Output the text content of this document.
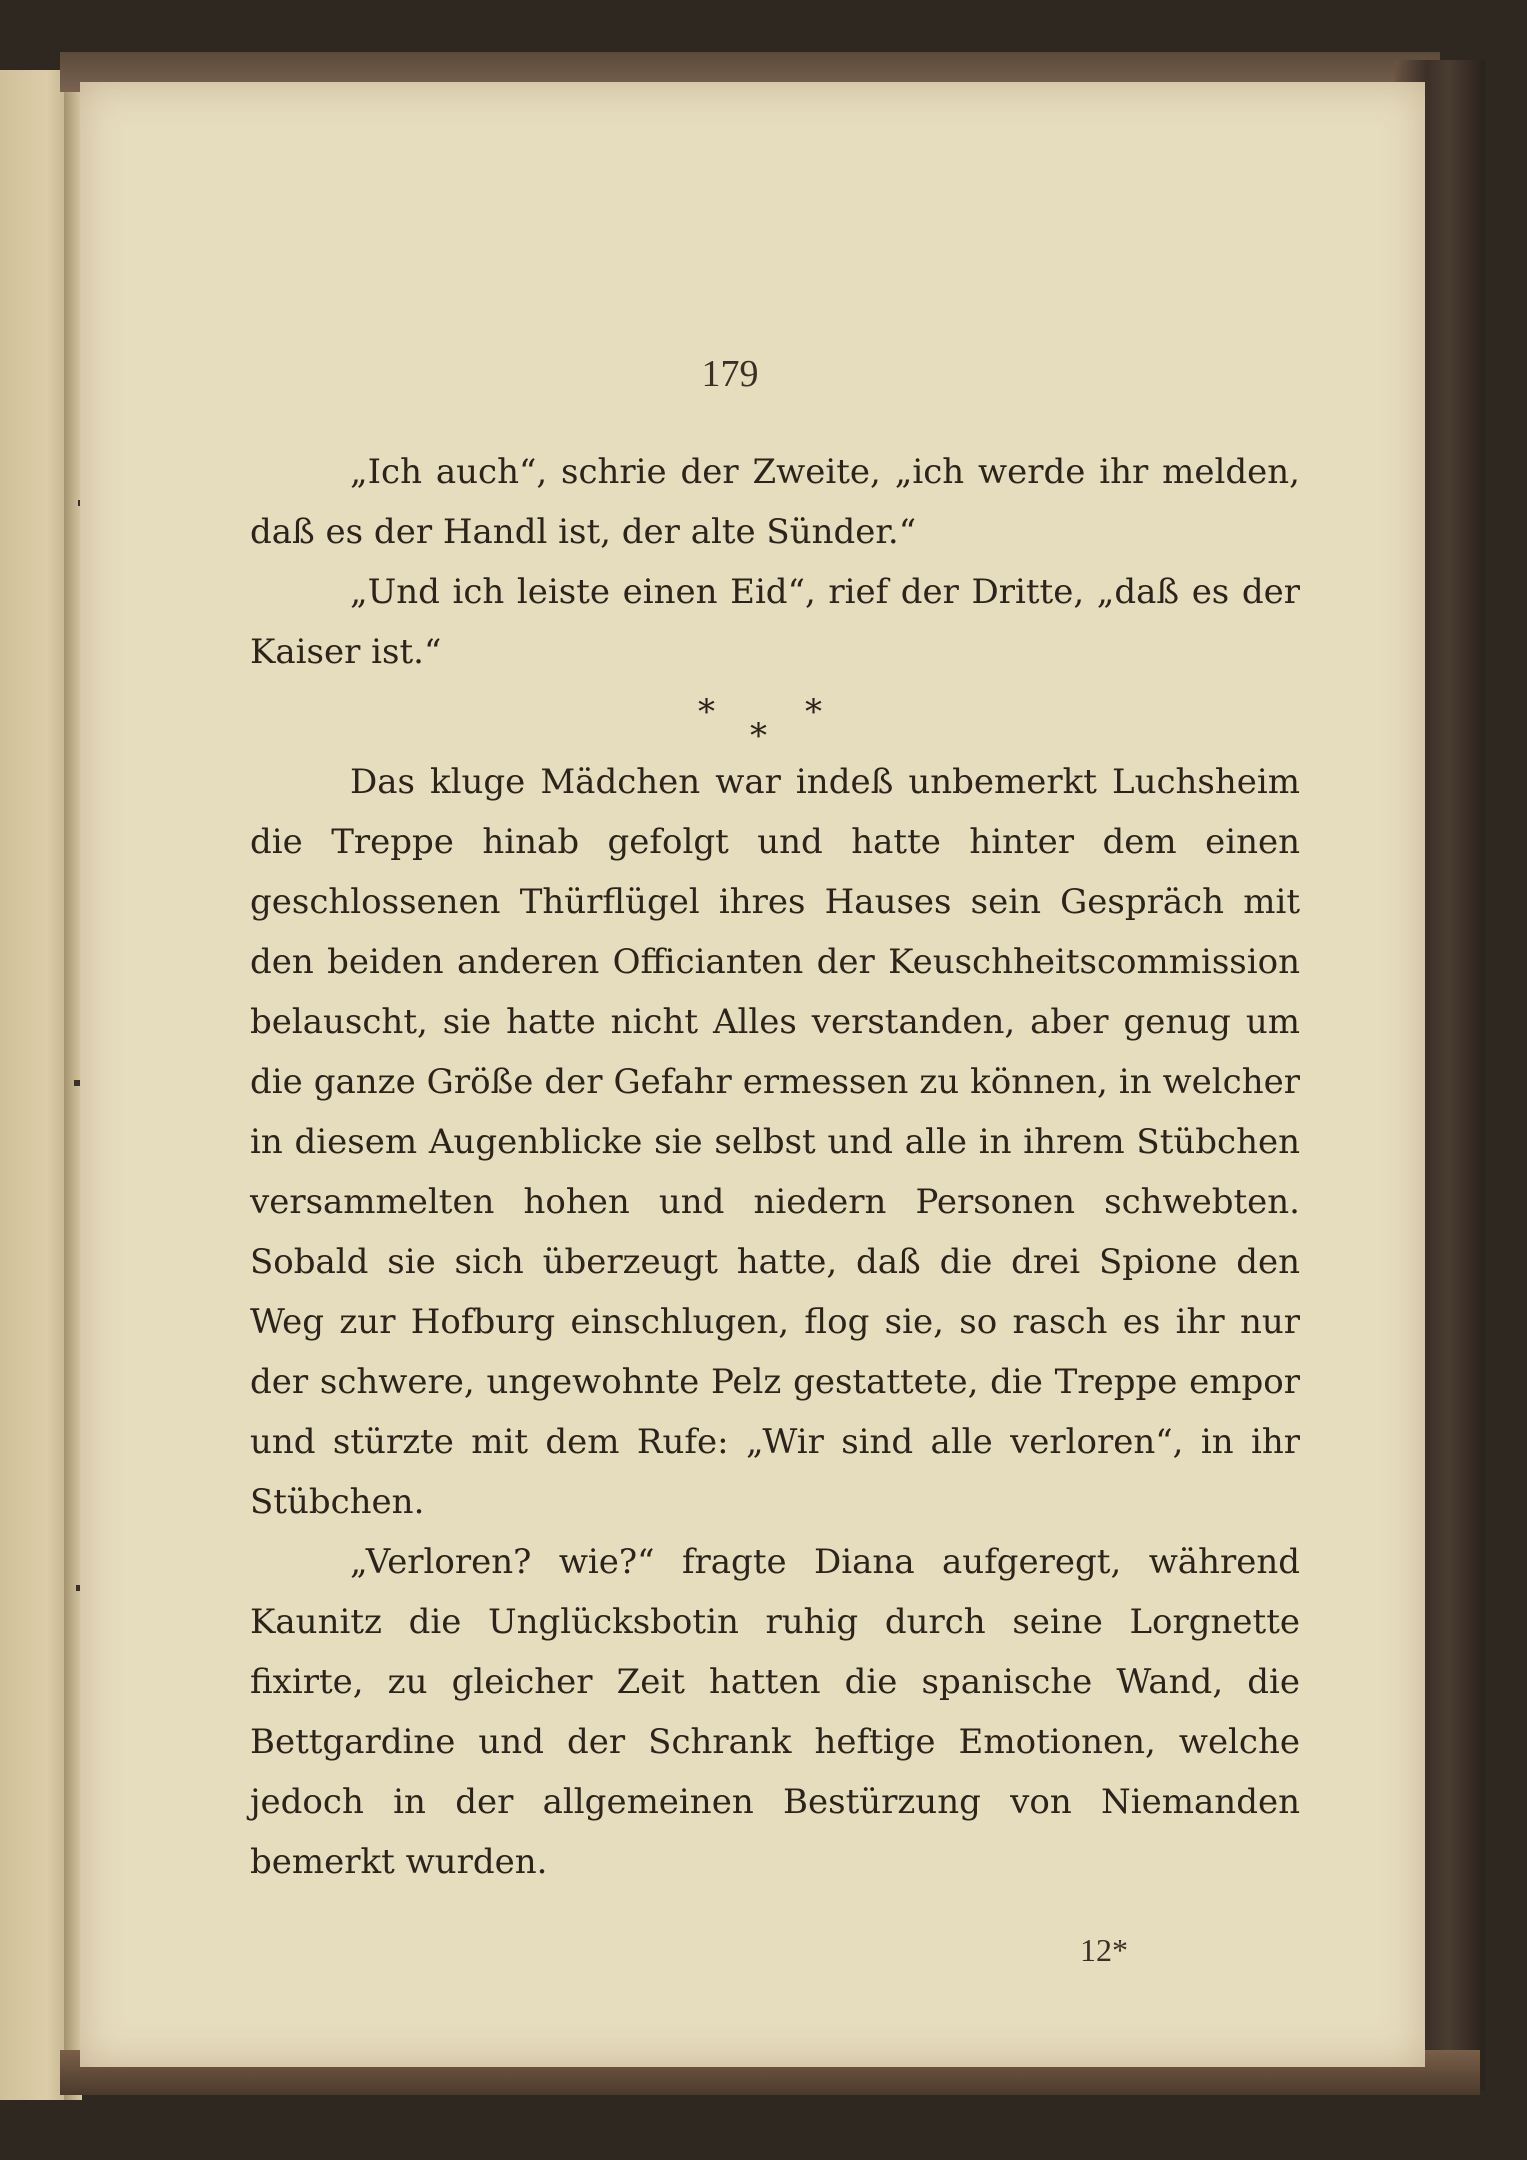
179

„Ich auch“, schrie der Zweite, „ich werde ihr melden, daß es der Handl ist, der alte Sünder.“

„Und ich leiste einen Eid“, rief der Dritte, „daß es der Kaiser ist.“

*	*
*

Das kluge Mädchen war indeß unbemerkt Luchsheim die Treppe hinab gefolgt und hatte hinter dem einen geschlossenen Thürflügel ihres Hauses sein Gespräch mit den beiden anderen Officianten der Keuschheitscommission belauscht, sie hatte nicht Alles verstanden, aber genug um die ganze Größe der Gefahr ermessen zu können, in welcher in diesem Augenblicke sie selbst und alle in ihrem Stübchen versammelten hohen und niedern Personen schwebten. Sobald sie sich überzeugt hatte, daß die drei Spione den Weg zur Hofburg einschlugen, flog sie, so rasch es ihr nur der schwere, ungewohnte Pelz gestattete, die Treppe empor und stürzte mit dem Rufe: „Wir sind alle verloren“, in ihr Stübchen.

„Verloren? wie?“ fragte Diana aufgeregt, während Kaunitz die Unglücksbotin ruhig durch seine Lorgnette fixirte, zu gleicher Zeit hatten die spanische Wand, die Bettgardine und der Schrank heftige Emotionen, welche jedoch in der allgemeinen Bestürzung von Niemanden bemerkt wurden.

12*
